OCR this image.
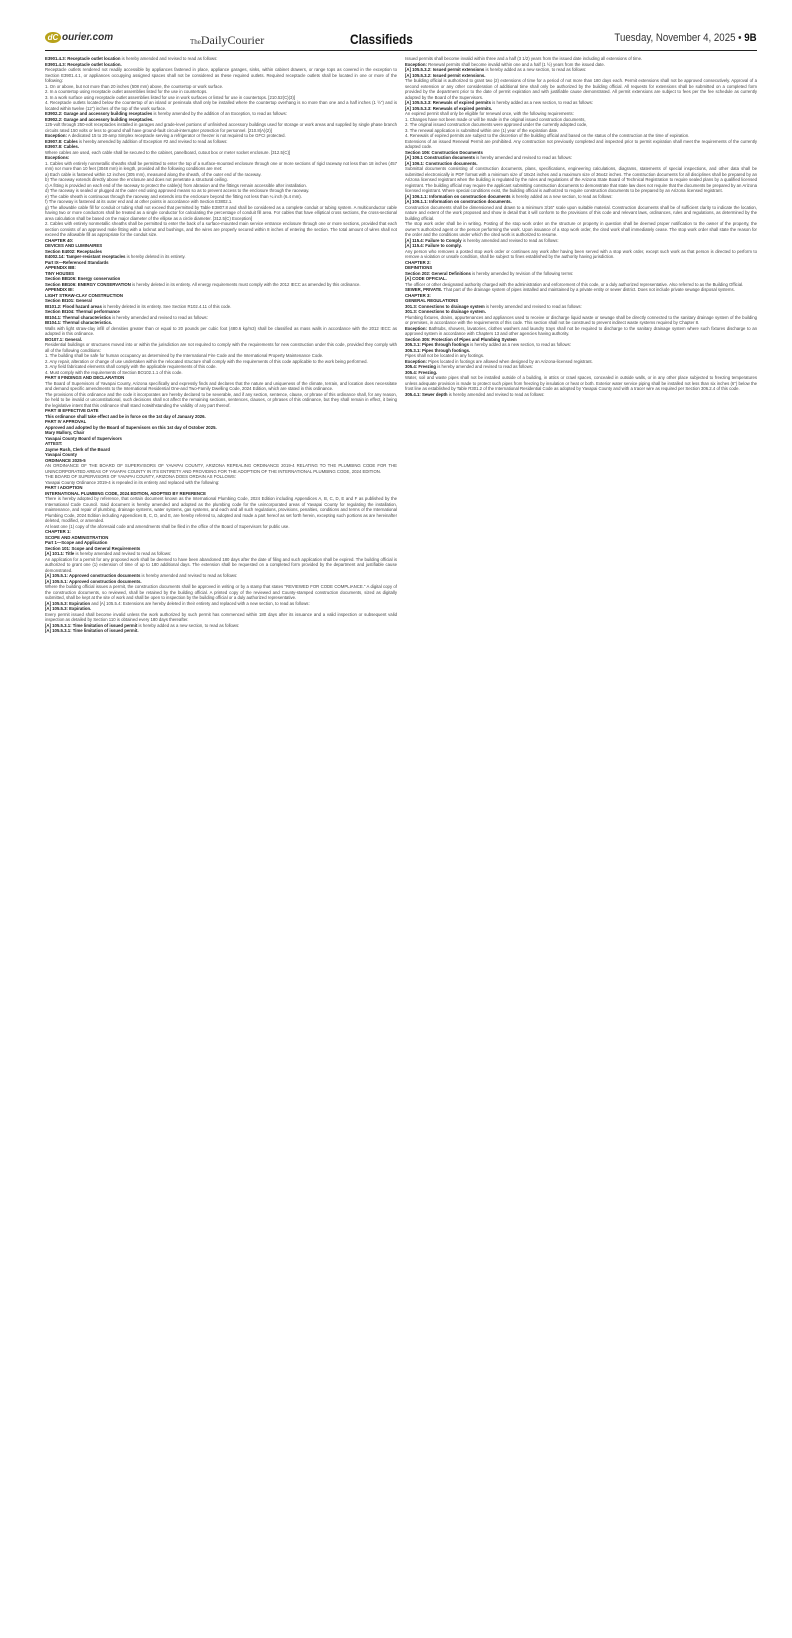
dC ourier.com	TheDailyCourier	Classifieds	Tuesday, November 4, 2025 • 9B

E3901.4.3: Receptacle outlet location is hereby amended and revised to read as follows:

E3901.4.3: Receptacle outlet location.

Receptacle outlets rendered not readily accessible by appliances fastened in place, appliance garages, sinks, within cabinet drawers, or range tops as covered in the exception to Section E3901.4.1, or appliances occupying assigned spaces shall not be considered as these required outlets. Required receptacle outlets shall be located in one or more of the following:

1. On or above, but not more than 20 inches (508 mm) above, the countertop or work surface.

2. In a countertop using receptacle outlet assemblies listed for the use in countertops.

3. In a work surface using receptacle outlet assemblies listed for use in work surfaces or listed for use in countertops. [210.52(C)(3)]

4. Receptacle outlets located below the countertop of an island or peninsula shall only be installed where the countertop overhang is no more than one and a half inches (1 ½") and is located within twelve (12") inches of the top of the work surface.

E3902.2: Garage and accessory building receptacles is hereby amended by the addition of an Exception, to read as follows:

E3902.2: Garage and accessory building receptacles.

125-volt through 250-volt receptacles installed in garages and grade-level portions of unfinished accessory buildings used for storage or work areas and supplied by single phase branch circuits rated 150 volts or less to ground shall have ground-fault circuit-interrupter protection for personnel. [210.8(A)(2)]

Exception: A dedicated 15 to 20-amp Simplex receptacle serving a refrigerator or freezer is not required to be GFCI protected.

E3907.8: Cables is hereby amended by addition of Exception #2 and revised to read as follows:

E3907.8: Cables.

Where cables are used, each cable shall be secured to the cabinet, panelboard, cutout box or meter socket enclosure. [312.5(C)]

Exceptions:

1. Cables with entirely nonmetallic sheaths shall be permitted to enter the top of a surface-mounted enclosure through one or more sections of rigid raceway not less than 18 inches (457 mm) nor more than 10 feet (3048 mm) in length, provided all the following conditions are met:

a) Each cable is fastened within 12 inches (305 mm), measured along the sheath, of the outer end of the raceway.

b) The raceway extends directly above the enclosure and does not penetrate a structural ceiling.

c) A fitting is provided on each end of the raceway to protect the cable(s) from abrasion and the fittings remain accessible after installation.

d) The raceway is sealed or plugged at the outer end using approved means so as to prevent access to the enclosure through the raceway.

e) The cable sheath is continuous through the raceway and extends into the enclosure beyond the fitting not less than ¼ inch (6.4 mm).

f) The raceway is fastened at its outer end and at other points in accordance with Section E3802.1.

g) The allowable cable fill for conduit or tubing shall not exceed that permitted by Table E3807.8 and shall be considered as a complete conduit or tubing system. A multiconductor cable having two or more conductors shall be treated as a single conductor for calculating the percentage of conduit fill area. For cables that have elliptical cross sections, the cross-sectional area calculation shall be based on the major diameter of the ellipse as a circle diameter. [312.5(C) Exception]

2. Cables with entirely nonmetallic sheaths shall be permitted to enter the back of a surface-mounted main service entrance enclosure through one or more sections, provided that each section consists of an approved male fitting with a locknut and bushings, and the wires are properly secured within 8 inches of entering the section. The total amount of wires shall not exceed the allowable fill as appropriate for the conduit size.

CHAPTER 40:

DEVICES AND LUMINAIRES

Section E4002: Receptacles

E4002.14: Tamper-resistant receptacles is hereby deleted in its entirety.

Part IX—Referenced Standards

APPENDIX BB:

TINY HOUSES

Section BB106: Energy conservation

Section BB106: ENERGY CONSERVATION is hereby deleted in its entirety. All energy requirements must comply with the 2012 IECC as amended by this ordinance.

APPENDIX BI:

LIGHT STRAW-CLAY CONSTRUCTION

Section BI101: General

BI101.2: Flood hazard areas is hereby deleted in its entirety. See Section R102.4.11 of this code.

Section BI104: Thermal performance

BI104.1: Thermal characteristics is hereby amended and revised to read as follows:

BI104.1: Thermal characteristics.

Walls with light straw-clay infill of densities greater than or equal to 20 pounds per cubic foot (480.6 kg/m3) shall be classified as mass walls in accordance with the 2012 IECC as adopted in this ordinance.

BO107.1: General.

Residential buildings or structures moved into or within the jurisdiction are not required to comply with the requirements for new construction under this code, provided they comply with all of the following conditions:

1. The building shall be safe for human occupancy as determined by the International Fire Code and the International Property Maintenance Code.

2. Any repair, alteration or change of use undertaken within the relocated structure shall comply with the requirements of this code applicable to the work being performed.

3. Any field fabricated elements shall comply with the applicable requirements of this code.

4. Must comply with the requirements of Section BO102.1.1 of this code.

PART II FINDINGS AND DECLARATION

The Board of Supervisors of Yavapai County, Arizona specifically and expressly finds and declares that the nature and uniqueness of the climate, terrain, and location does necessitate and demand specific amendments to the International Residential One-and Two-Family Dwelling Code, 2024 Edition, which are stated in this ordinance.

The provisions of this ordinance and the code it incorporates are hereby declared to be severable, and if any section, sentence, clause, or phrase of this ordinance shall, for any reason, be held to be invalid or unconstitutional, such decisions shall not affect the remaining sections, sentences, clauses, or phrases of this ordinance, but they shall remain in effect, it being the legislative intent that this ordinance shall stand notwithstanding the validity of any part thereof.

PART III EFFECTIVE DATE

This ordinance shall take effect and be in force on the 1st day of January 2026.

PART IV APPROVAL

Approved and adopted by the Board of Supervisors on this 1st day of October 2025.

Mary Mallory, Chair

Yavapai County Board of Supervisors

ATTEST:

Jayme Rush, Clerk of the Board

Yavapai County

ORDINANCE 2025-5

AN ORDINANCE OF THE BOARD OF SUPERVISORS OF YAVAPAI COUNTY, ARIZONA REPEALING ORDINANCE 2019-4 RELATING TO THE PLUMBING CODE FOR THE UNINCORPORATED AREAS OF YAVAPAI COUNTY IN ITS ENTIRETY AND PROVIDING FOR THE ADOPTION OF THE INTERNATIONAL PLUMBING CODE, 2024 EDITION.

THE BOARD OF SUPERVISORS OF YAVAPAI COUNTY, ARIZONA DOES ORDAIN AS FOLLOWS:

Yavapai County Ordinance 2019-4 is repealed in its entirety and replaced with the following:

PART I ADOPTION

INTERNATIONAL PLUMBING CODE, 2024 EDITION, ADOPTED BY REFERENCE

There is hereby adopted by reference, that certain document known as the International Plumbing Code, 2024 Edition including Appendices A, B, C, D, E and F as published by the International Code Council. Said document is hereby amended and adopted as the plumbing code for the unincorporated areas of Yavapai County for regulating the installation, maintenance, and repair of plumbing, drainage systems, water systems, gas systems, and each and all such regulations, provisions, penalties, conditions and terms of the International Plumbing Code, 2024 Edition including Appendices B, C, D, and E, are hereby referred to, adopted and made a part hereof as set forth herein, excepting such portions as are hereinafter deleted, modified, or amended.

At least one (1) copy of the aforesaid code and amendments shall be filed in the office of the Board of Supervisors for public use.

CHAPTER 1:

SCOPE AND ADMINISTRATION

Part 1—Scope and Application

Section 101: Scope and General Requirements

[A] 101.1: Title is hereby amended and revised to read as follows:

An application for a permit for any proposed work shall be deemed to have been abandoned 180 days after the date of filing and such application shall be expired. The building official is authorized to grant one (1) extension of time of up to 180 additional days. The extension shall be requested on a completed form provided by the department and justifiable cause demonstrated.

[A] 105.5.1: Approved construction documents is hereby amended and revised to read as follows:

[A] 105.5.1: Approved construction documents.

Where the building official issues a permit, the construction documents shall be approved in writing or by a stamp that states "REVIEWED FOR CODE COMPLIANCE." A digital copy of the construction documents, so reviewed, shall be retained by the building official. A printed copy of the reviewed and County-stamped construction documents, sized as digitally submitted, shall be kept at the site of work and shall be open to inspection by the building official or a duly authorized representative.

[A] 105.5.3: Expiration and [A] 105.5.4: Extensions are hereby deleted in their entirety and replaced with a new section, to read as follows:

[A] 105.5.3: Expiration.

Every permit issued shall become invalid unless the work authorized by such permit has commenced within 180 days after its issuance and a valid inspection or subsequent valid inspection as detailed by Section 110 is obtained every 180 days thereafter.

[A] 105.5.3.1: Time limitation of issued permit is hereby added as a new section, to read as follows:

[A] 105.5.3.1: Time limitation of issued permit.

Issued permits shall become invalid within three and a half (3 1/2) years from the issued date including all extensions of time.

Exception: Renewal permits shall become invalid within one and a half (1 ½) years from the issued date.

[A] 105.5.3.2: Issued permit extensions is hereby added as a new section, to read as follows:

[A] 105.5.3.2: Issued permit extensions.

The building official is authorized to grant two (2) extensions of time for a period of not more than 180 days each. Permit extensions shall not be approved consecutively. Approval of a second extension or any other consideration of additional time shall only be authorized by the building official. All requests for extensions shall be submitted on a completed form provided by the department prior to the date of permit expiration and with justifiable cause demonstrated. All permit extensions are subject to fees per the fee schedule as currently adopted by the Board of the Supervisors.

[A] 105.5.3.3: Renewals of expired permits is hereby added as a new section, to read as follows:

[A] 105.5.3.3: Renewals of expired permits.

An expired permit shall only be eligible for renewal once, with the following requirements:

1. Changes have not been made or will be made in the original issued construction documents,

2. The original issued construction documents were approved under the currently adopted code,

3. The renewal application is submitted within one (1) year of the expiration date.

4. Renewals of expired permits are subject to the discretion of the building official and based on the status of the construction at the time of expiration.

Extensions of an issued Renewal Permit are prohibited. Any construction not previously completed and inspected prior to permit expiration shall meet the requirements of the currently adopted code.

Section 106: Construction Documents

[A] 106.1 Construction documents is hereby amended and revised to read as follows:

[A] 106.1: Construction documents.

Submittal documents consisting of construction documents, plans, specifications, engineering calculations, diagrams, statements of special inspections, and other data shall be submitted electronically in PDF format with a minimum size of 18x24 inches and a maximum size of 36x42 inches. The construction documents for all disciplines shall be prepared by an Arizona licensed registrant when the building is regulated by the rules and regulations of the Arizona State Board of Technical Registration to require sealed plans by a qualified licensed registrant. The building official may require the applicant submitting construction documents to demonstrate that state law does not require that the documents be prepared by an Arizona licensed registrant. Where special conditions exist, the building official is authorized to require construction documents to be prepared by an Arizona licensed registrant.

[A] 106.1.1: Information on construction documents is hereby added as a new section, to read as follows:

[A] 106.1.1: Information on construction documents.

Construction documents shall be dimensioned and drawn to a minimum 3/16" scale upon suitable material. Construction documents shall be of sufficient clarity to indicate the location, nature and extent of the work proposed and show in detail that it will conform to the provisions of this code and relevant laws, ordinances, rules and regulations, as determined by the building official.

The stop work order shall be in writing. Posting of the stop work order on the structure or property in question shall be deemed proper notification to the owner of the property, the owner's authorized agent or the person performing the work. Upon issuance of a stop work order, the cited work shall immediately cease. The stop work order shall state the reason for the order and the conditions under which the cited work is authorized to resume.

[A] 115.4: Failure to Comply is hereby amended and revised to read as follows:

[A] 115.4: Failure to comply.

Any person who removes a posted stop work order or continues any work after having been served with a stop work order, except such work as that person is directed to perform to remove a violation or unsafe condition, shall be subject to fines established by the authority having jurisdiction.

CHAPTER 2:

DEFINITIONS

Section 202: General Definitions is hereby amended by revision of the following terms:

[A] CODE OFFICIAL.

The officer or other designated authority charged with the administration and enforcement of this code, or a duly authorized representative. Also referred to as the Building Official.

SEWER, PRIVATE. That part of the drainage system of pipes installed and maintained by a private entity or sewer district. Does not include private sewage disposal systems.

CHAPTER 3:

GENERAL REGULATIONS

301.3: Connections to drainage system is hereby amended and revised to read as follows:

301.3: Connections to drainage system.

Plumbing fixtures, drains, appurtenances and appliances used to receive or discharge liquid waste or sewage shall be directly connected to the sanitary drainage system of the building or premises, in accordance with the requirements of this code. This section shall not be construed to prevent indirect waste systems required by Chapter 8.

Exception: Bathtubs, showers, lavatories, clothes washers and laundry trays shall not be required to discharge to the sanitary drainage system where such fixtures discharge to an approved system in accordance with Chapters 13 and other agencies having authority.

Section 305: Protection of Pipes and Plumbing System

305.3.1: Pipes through footings is hereby added as a new section, to read as follows:

305.3.1: Pipes through footings.

Pipes shall not be located in any footings.

Exception: Pipes located in footings are allowed when designed by an Arizona-licensed registrant.

305.4: Freezing is hereby amended and revised to read as follows:

305.4: Freezing.

Water, soil and waste pipes shall not be installed outside of a building, in attics or crawl spaces, concealed in outside walls, or in any other place subjected to freezing temperatures unless adequate provision is made to protect such pipes from freezing by insulation or heat or both. Exterior water service piping shall be installed not less than six inches (6") below the frost line as established by Table R301.2 of the International Residential Code as adopted by Yavapai County and with a tracer wire as required per Section 306.2.4 of this code.

305.4.1: Sewer depth is hereby amended and revised to read as follows:
